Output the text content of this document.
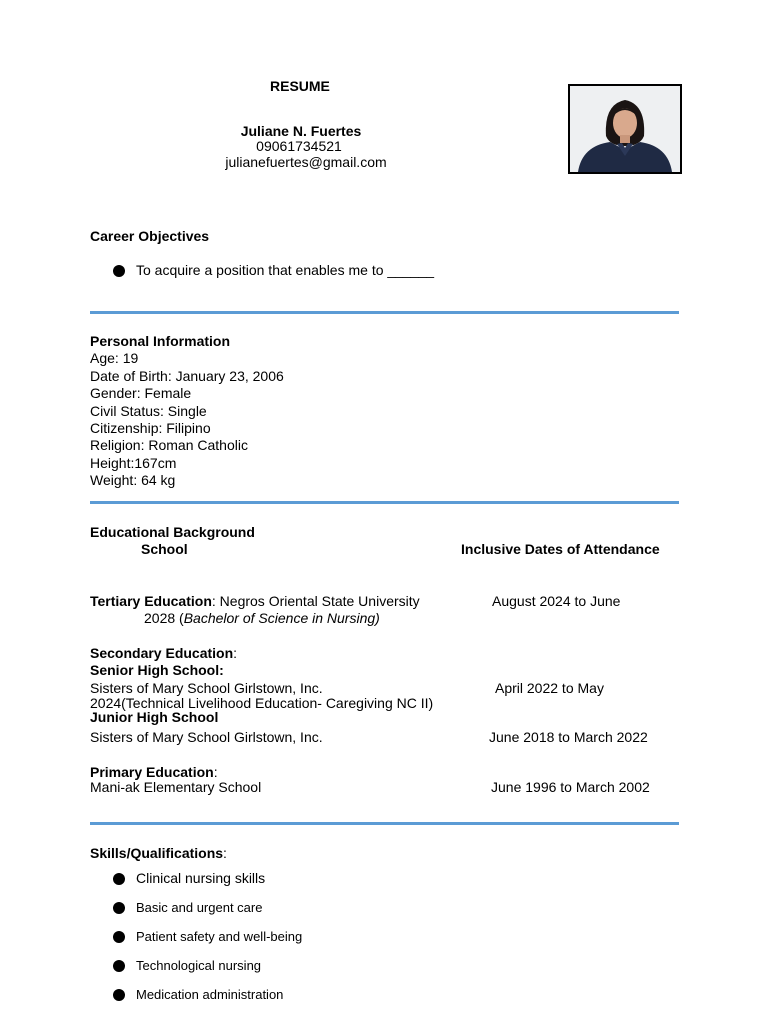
RESUME
Juliane N. Fuertes
09061734521
julianefuertes@gmail.com
Career Objectives
To acquire a position that enables me to ______
Personal Information
Age: 19
Date of Birth: January 23, 2006
Gender: Female
Civil Status: Single
Citizenship: Filipino
Religion: Roman Catholic
Height:167cm
Weight: 64 kg
Educational Background
School	Inclusive Dates of Attendance
Tertiary Education: Negros Oriental State University	August 2024 to June
2028 (Bachelor of Science in Nursing)
Secondary Education:
Senior High School:
Sisters of Mary School Girlstown, Inc.	April 2022 to May
2024(Technical Livelihood Education- Caregiving NC II)
Junior High School
Sisters of Mary School Girlstown, Inc.	June 2018 to March 2022
Primary Education:
Mani-ak Elementary School	June 1996 to March 2002
Skills/Qualifications:
Clinical nursing skills
Basic and urgent care
Patient safety and well-being
Technological nursing
Medication administration
